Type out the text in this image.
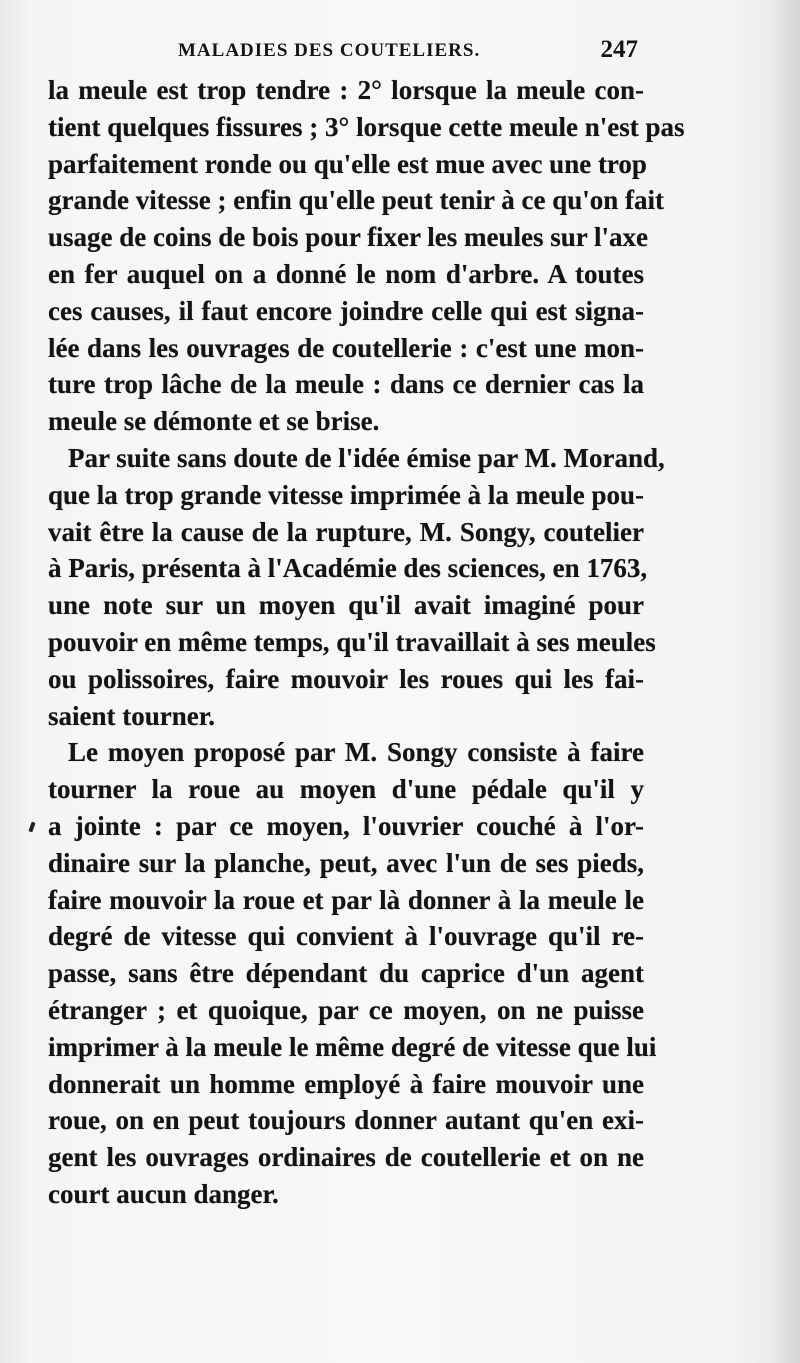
MALADIES DES COUTELIERS.	247
la meule est trop tendre : 2° lorsque la meule con-
tient quelques fissures ; 3° lorsque cette meule n'est pas
parfaitement ronde ou qu'elle est mue avec une trop
grande vitesse ; enfin qu'elle peut tenir à ce qu'on fait
usage de coins de bois pour fixer les meules sur l'axe
en fer auquel on a donné le nom d'arbre. A toutes
ces causes, il faut encore joindre celle qui est signa-
lée dans les ouvrages de coutellerie : c'est une mon-
ture trop lâche de la meule : dans ce dernier cas la
meule se démonte et se brise.
Par suite sans doute de l'idée émise par M. Morand,
que la trop grande vitesse imprimée à la meule pou-
vait être la cause de la rupture, M. Songy, coutelier
à Paris, présenta à l'Académie des sciences, en 1763,
une note sur un moyen qu'il avait imaginé pour
pouvoir en même temps, qu'il travaillait à ses meules
ou polissoires, faire mouvoir les roues qui les fai-
saient tourner.
Le moyen proposé par M. Songy consiste à faire
tourner la roue au moyen d'une pédale qu'il y
a jointe : par ce moyen, l'ouvrier couché à l'or-
dinaire sur la planche, peut, avec l'un de ses pieds,
faire mouvoir la roue et par là donner à la meule le
degré de vitesse qui convient à l'ouvrage qu'il re-
passe, sans être dépendant du caprice d'un agent
étranger ; et quoique, par ce moyen, on ne puisse
imprimer à la meule le même degré de vitesse que lui
donnerait un homme employé à faire mouvoir une
roue, on en peut toujours donner autant qu'en exi-
gent les ouvrages ordinaires de coutellerie et on ne
court aucun danger.
